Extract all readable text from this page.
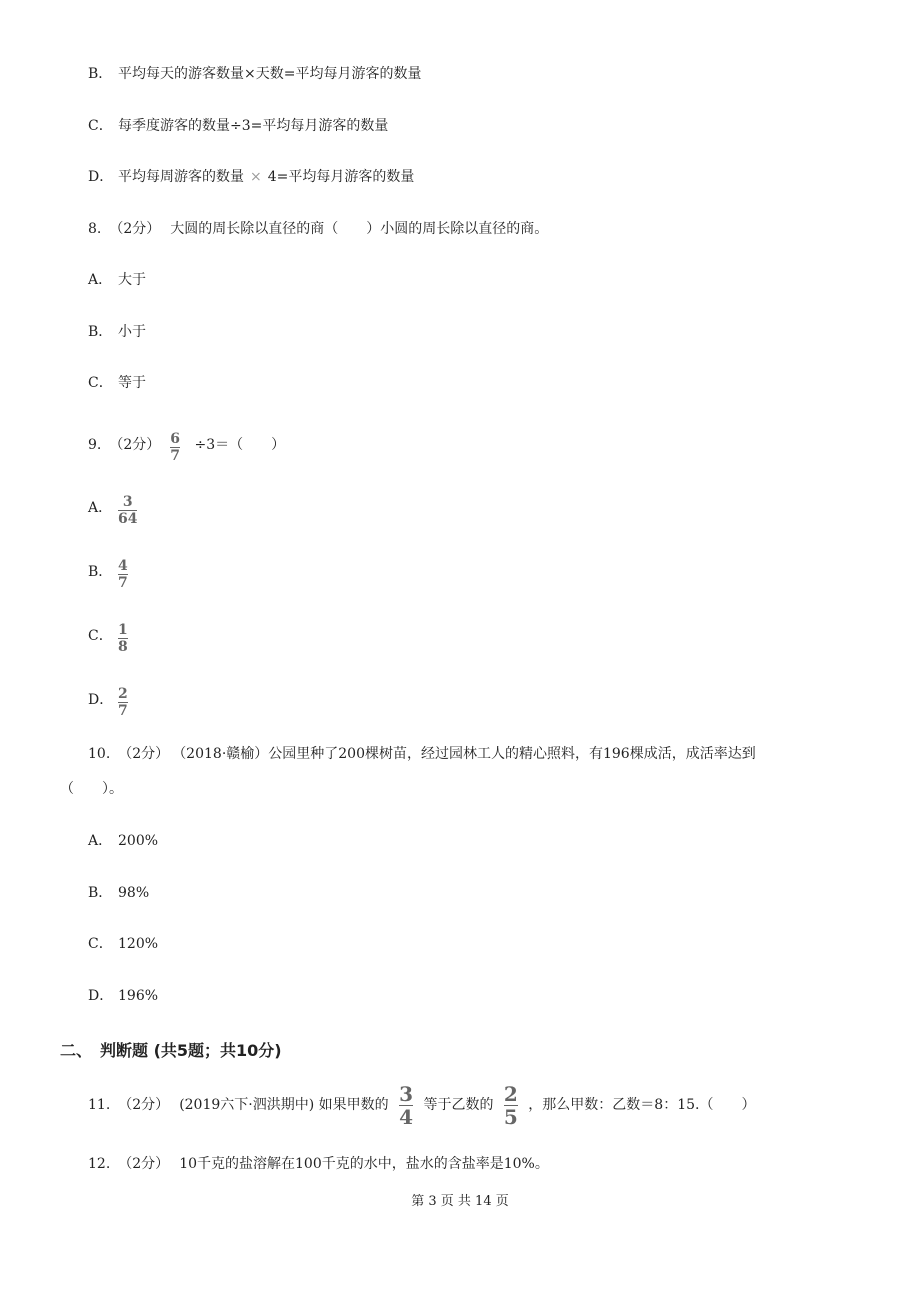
B． 平均每天的游客数量×天数=平均每月游客的数量
C． 每季度游客的数量÷3=平均每月游客的数量
D． 平均每周游客的数量 × 4=平均每月游客的数量
8. （2分） 大圆的周长除以直径的商（　　）小圆的周长除以直径的商。
A． 大于
B． 小于
C． 等于
9. （2分） $\frac{6}{7} \div 3=$（　　）
A． $\frac{3}{64}$
B． $\frac{4}{7}$
C． $\frac{1}{8}$
D． $\frac{2}{7}$
10. （2分） （2018·赣榆）公园里种了200棵树苗，经过园林工人的精心照料，有196棵成活，成活率达到
（　　）。
A． 200%
B． 98%
C． 120%
D． 196%
二、　判断题 (共5题；共10分)
11. （2分） (2019六下·泗洪期中) 如果甲数的 $\frac{3}{4}$ 等于乙数的 $\frac{2}{5}$ ，那么甲数：乙数＝8：15.（　　）
12. （2分） 10千克的盐溶解在100千克的水中，盐水的含盐率是10%。
第 3 页 共 14 页
